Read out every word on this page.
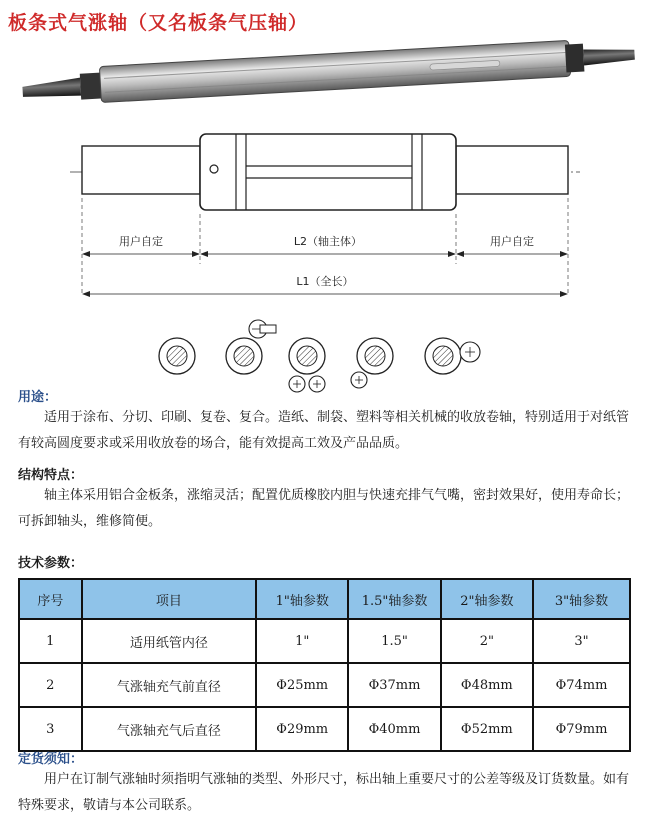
板条式气涨轴（又名板条气压轴）
用户自定	L2（轴主体）	用户自定
L1（全长）
用途：

适用于涂布、分切、印刷、复卷、复合。造纸、制袋、塑料等相关机械的收放卷轴，特别适用于对纸管有较高圆度要求或采用收放卷的场合，能有效提高工效及产品品质。

结构特点：

轴主体采用铝合金板条，涨缩灵活；配置优质橡胶内胆与快速充排气气嘴，密封效果好，使用寿命长；可拆卸轴头，维修简便。

技术参数：
序号	项目	1"轴参数	1.5"轴参数	2"轴参数	3"轴参数
1	适用纸管内径	1"	1.5"	2"	3"
2	气涨轴充气前直径	Φ25mm	Φ37mm	Φ48mm	Φ74mm
3	气涨轴充气后直径	Φ29mm	Φ40mm	Φ52mm	Φ79mm
定货须知：

用户在订制气涨轴时须指明气涨轴的类型、外形尺寸，标出轴上重要尺寸的公差等级及订货数量。如有特殊要求，敬请与本公司联系。
